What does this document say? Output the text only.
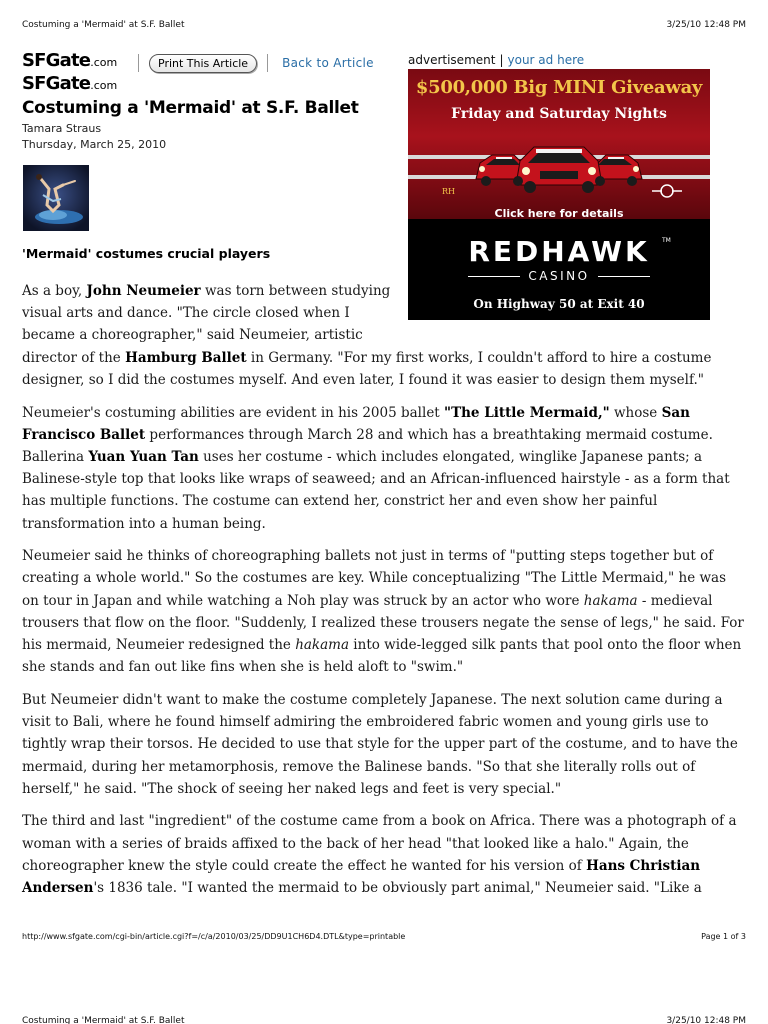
Costuming a 'Mermaid' at S.F. Ballet	3/25/10 12:48 PM
SFGate.com
SFGate.com
Print This Article	Back to Article
Costuming a 'Mermaid' at S.F. Ballet
Tamara Straus
Thursday, March 25, 2010
'Mermaid' costumes crucial players
advertisement | your ad here
$500,000 Big MINI Giveaway
Friday and Saturday Nights
RH
Click here for details
REDHAWK	TM
CASINO
On Highway 50 at Exit 40

As a boy, John Neumeier was torn between studying visual arts and dance. "The circle closed when I became a choreographer," said Neumeier, artistic director of the Hamburg Ballet in Germany. "For my first works, I couldn't afford to hire a costume designer, so I did the costumes myself. And even later, I found it was easier to design them myself."

Neumeier's costuming abilities are evident in his 2005 ballet "The Little Mermaid," whose San Francisco Ballet performances through March 28 and which has a breathtaking mermaid costume. Ballerina Yuan Yuan Tan uses her costume - which includes elongated, winglike Japanese pants; a Balinese-style top that looks like wraps of seaweed; and an African-influenced hairstyle - as a form that has multiple functions. The costume can extend her, constrict her and even show her painful transformation into a human being.

Neumeier said he thinks of choreographing ballets not just in terms of "putting steps together but of creating a whole world." So the costumes are key. While conceptualizing "The Little Mermaid," he was on tour in Japan and while watching a Noh play was struck by an actor who wore hakama - medieval trousers that flow on the floor. "Suddenly, I realized these trousers negate the sense of legs," he said. For his mermaid, Neumeier redesigned the hakama into wide-legged silk pants that pool onto the floor when she stands and fan out like fins when she is held aloft to "swim."

But Neumeier didn't want to make the costume completely Japanese. The next solution came during a visit to Bali, where he found himself admiring the embroidered fabric women and young girls use to tightly wrap their torsos. He decided to use that style for the upper part of the costume, and to have the mermaid, during her metamorphosis, remove the Balinese bands. "So that she literally rolls out of herself," he said. "The shock of seeing her naked legs and feet is very special."

The third and last "ingredient" of the costume came from a book on Africa. There was a photograph of a woman with a series of braids affixed to the back of her head "that looked like a halo." Again, the choreographer knew the style could create the effect he wanted for his version of Hans Christian Andersen's 1836 tale. "I wanted the mermaid to be obviously part animal," Neumeier said. "Like a

http://www.sfgate.com/cgi-bin/article.cgi?f=/c/a/2010/03/25/DD9U1CH6D4.DTL&type=printable	Page 1 of 3
Costuming a 'Mermaid' at S.F. Ballet	3/25/10 12:48 PM
